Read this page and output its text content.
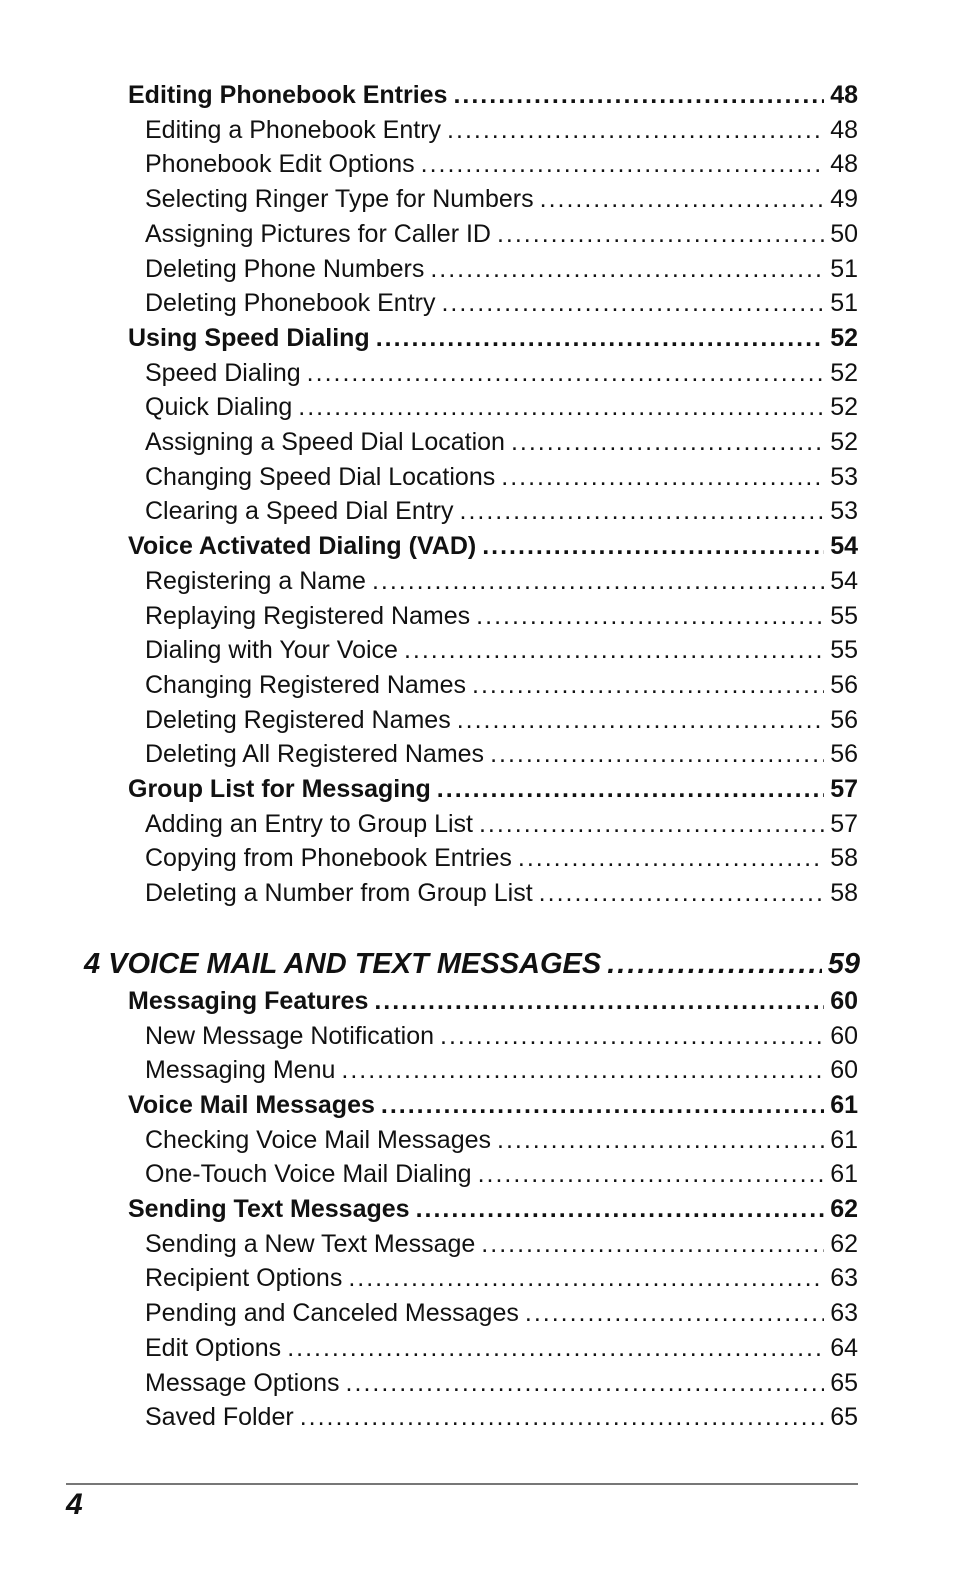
Editing Phonebook Entries .....	48
Editing a Phonebook Entry .....	48
Phonebook Edit Options .....	48
Selecting Ringer Type for Numbers .....	49
Assigning Pictures for Caller ID .....	50
Deleting Phone Numbers .....	51
Deleting Phonebook Entry .....	51
Using Speed Dialing .....	52
Speed Dialing .....	52
Quick Dialing .....	52
Assigning a Speed Dial Location .....	52
Changing Speed Dial Locations .....	53
Clearing a Speed Dial Entry .....	53
Voice Activated Dialing (VAD) .....	54
Registering a Name .....	54
Replaying Registered Names .....	55
Dialing with Your Voice .....	55
Changing Registered Names .....	56
Deleting Registered Names .....	56
Deleting All Registered Names .....	56
Group List for Messaging .....	57
Adding an Entry to Group List .....	57
Copying from Phonebook Entries .....	58
Deleting a Number from Group List .....	58
4 VOICE MAIL AND TEXT MESSAGES .....	59
Messaging Features .....	60
New Message Notification .....	60
Messaging Menu .....	60
Voice Mail Messages .....	61
Checking Voice Mail Messages .....	61
One-Touch Voice Mail Dialing .....	61
Sending Text Messages .....	62
Sending a New Text Message .....	62
Recipient Options .....	63
Pending and Canceled Messages .....	63
Edit Options .....	64
Message Options .....	65
Saved Folder .....	65
4
